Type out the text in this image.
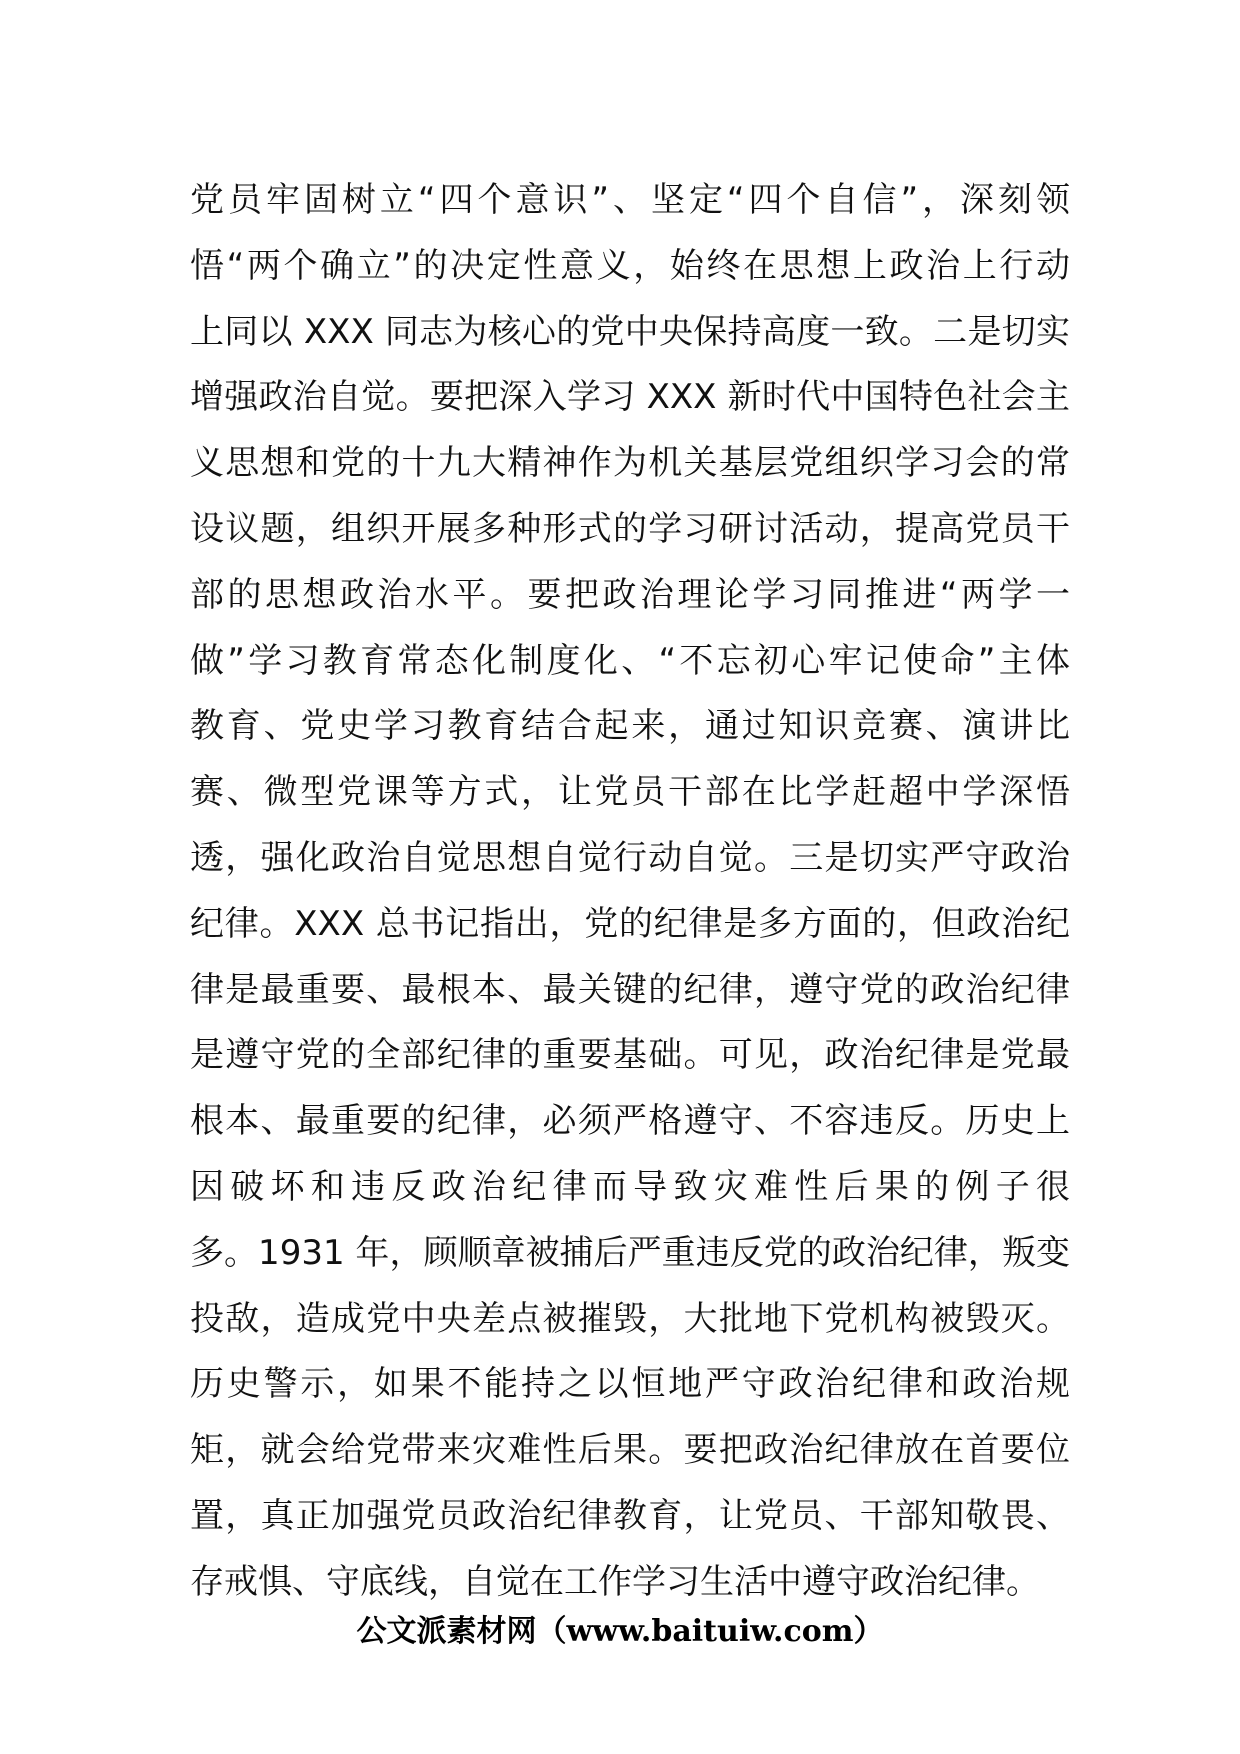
党员牢固树立“四个意识”、坚定“四个自信”，深刻领
悟“两个确立”的决定性意义，始终在思想上政治上行动
上同以 XXX 同志为核心的党中央保持高度一致。二是切实
增强政治自觉。要把深入学习 XXX 新时代中国特色社会主
义思想和党的十九大精神作为机关基层党组织学习会的常
设议题，组织开展多种形式的学习研讨活动，提高党员干
部的思想政治水平。要把政治理论学习同推进“两学一
做”学习教育常态化制度化、“不忘初心牢记使命”主体
教育、党史学习教育结合起来，通过知识竞赛、演讲比
赛、微型党课等方式，让党员干部在比学赶超中学深悟
透，强化政治自觉思想自觉行动自觉。三是切实严守政治
纪律。XXX 总书记指出，党的纪律是多方面的，但政治纪
律是最重要、最根本、最关键的纪律，遵守党的政治纪律
是遵守党的全部纪律的重要基础。可见，政治纪律是党最
根本、最重要的纪律，必须严格遵守、不容违反。历史上
因破坏和违反政治纪律而导致灾难性后果的例子很
多。1931 年，顾顺章被捕后严重违反党的政治纪律，叛变
投敌，造成党中央差点被摧毁，大批地下党机构被毁灭。
历史警示，如果不能持之以恒地严守政治纪律和政治规
矩，就会给党带来灾难性后果。要把政治纪律放在首要位
置，真正加强党员政治纪律教育，让党员、干部知敬畏、
存戒惧、守底线，自觉在工作学习生活中遵守政治纪律。
公文派素材网（www.baituiw.com）
